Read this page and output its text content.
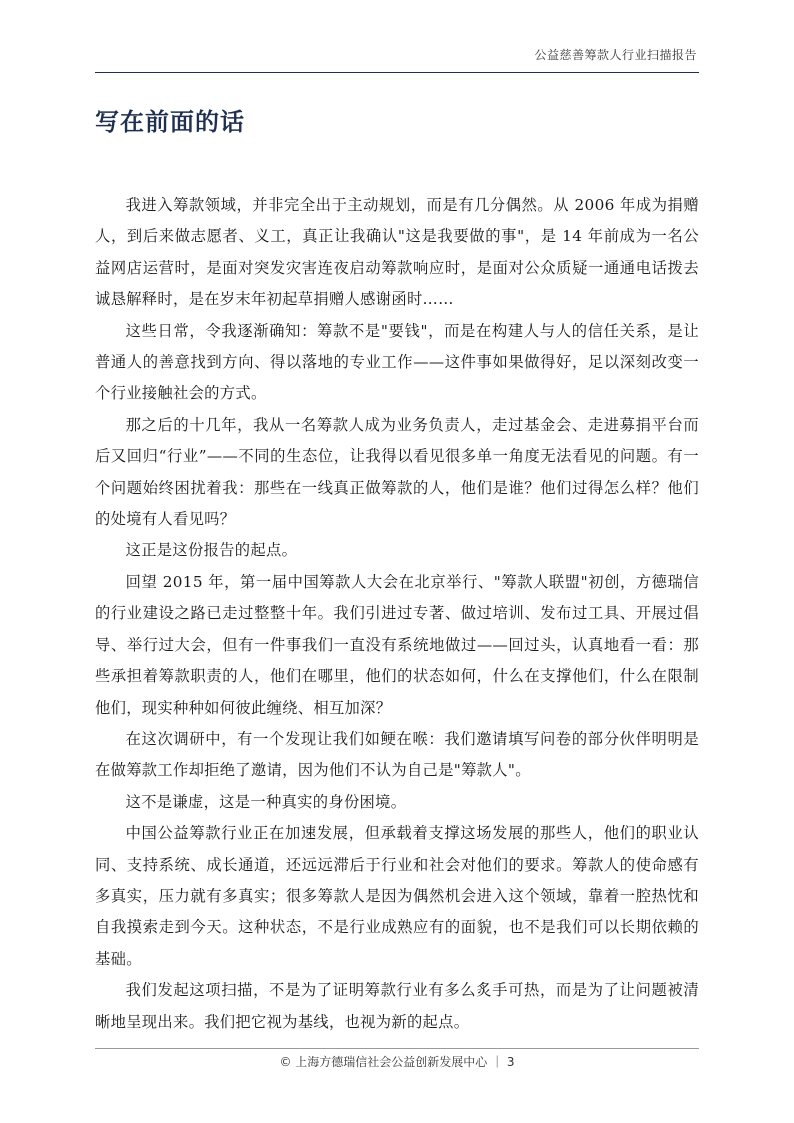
公益慈善筹款人行业扫描报告
写在前面的话

我进入筹款领域，并非完全出于主动规划，而是有几分偶然。从 2006 年成为捐赠人，到后来做志愿者、义工，真正让我确认"这是我要做的事"，是 14 年前成为一名公益网店运营时，是面对突发灾害连夜启动筹款响应时，是面对公众质疑一通通电话拨去诚恳解释时，是在岁末年初起草捐赠人感谢函时……

这些日常，令我逐渐确知：筹款不是"要钱"，而是在构建人与人的信任关系，是让普通人的善意找到方向、得以落地的专业工作——这件事如果做得好，足以深刻改变一个行业接触社会的方式。

那之后的十几年，我从一名筹款人成为业务负责人，走过基金会、走进募捐平台而后又回归“行业”——不同的生态位，让我得以看见很多单一角度无法看见的问题。有一个问题始终困扰着我：那些在一线真正做筹款的人，他们是谁？他们过得怎么样？他们的处境有人看见吗？

这正是这份报告的起点。

回望 2015 年，第一届中国筹款人大会在北京举行、"筹款人联盟"初创，方德瑞信的行业建设之路已走过整整十年。我们引进过专著、做过培训、发布过工具、开展过倡导、举行过大会，但有一件事我们一直没有系统地做过——回过头，认真地看一看：那些承担着筹款职责的人，他们在哪里，他们的状态如何，什么在支撑他们，什么在限制他们，现实种种如何彼此缠绕、相互加深？

在这次调研中，有一个发现让我们如鲠在喉：我们邀请填写问卷的部分伙伴明明是在做筹款工作却拒绝了邀请，因为他们不认为自己是"筹款人"。

这不是谦虚，这是一种真实的身份困境。

中国公益筹款行业正在加速发展，但承载着支撑这场发展的那些人，他们的职业认同、支持系统、成长通道，还远远滞后于行业和社会对他们的要求。筹款人的使命感有多真实，压力就有多真实；很多筹款人是因为偶然机会进入这个领域，靠着一腔热忱和自我摸索走到今天。这种状态，不是行业成熟应有的面貌，也不是我们可以长期依赖的基础。

我们发起这项扫描，不是为了证明筹款行业有多么炙手可热，而是为了让问题被清晰地呈现出来。我们把它视为基线，也视为新的起点。

© 上海方德瑞信社会公益创新发展中心 ｜ 3
